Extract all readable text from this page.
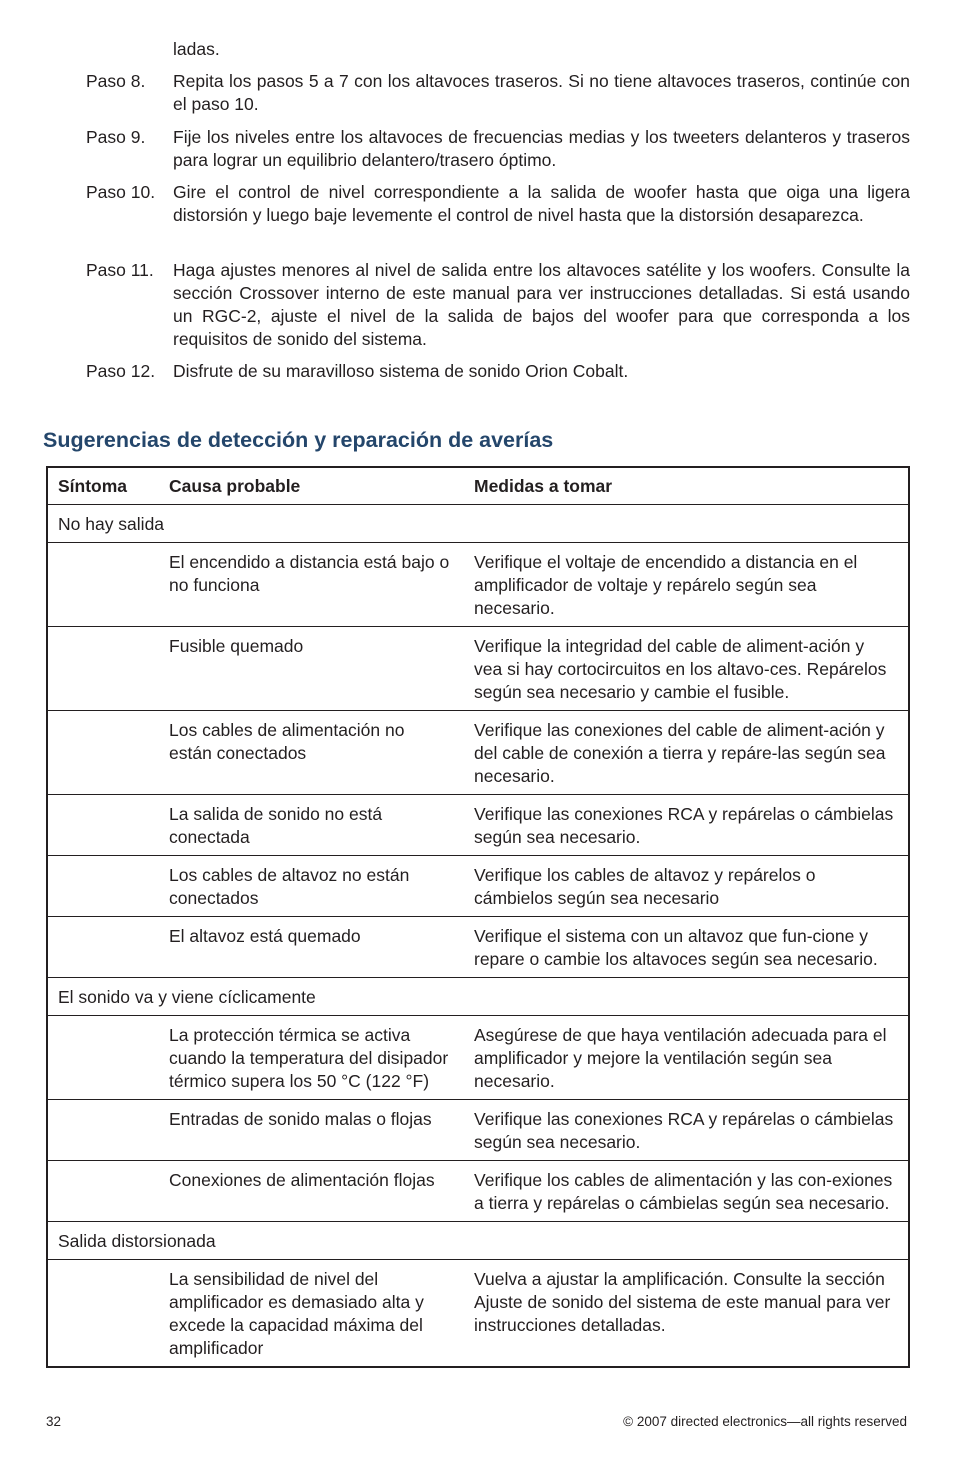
ladas.
Paso 8. Repita los pasos 5 a 7 con los altavoces traseros. Si no tiene altavoces traseros, continúe con el paso 10.
Paso 9. Fije los niveles entre los altavoces de frecuencias medias y los tweeters delanteros y traseros para lograr un equilibrio delantero/trasero óptimo.
Paso 10. Gire el control de nivel correspondiente a la salida de woofer hasta que oiga una ligera distorsión y luego baje levemente el control de nivel hasta que la distorsión desaparezca.
Paso 11. Haga ajustes menores al nivel de salida entre los altavoces satélite y los woofers. Consulte la sección Crossover interno de este manual para ver instrucciones detalladas. Si está usando un RGC-2, ajuste el nivel de la salida de bajos del woofer para que corresponda a los requisitos de sonido del sistema.
Paso 12. Disfrute de su maravilloso sistema de sonido Orion Cobalt.
Sugerencias de detección y reparación de averías
Síntoma	Causa probable	Medidas a tomar
No hay salida		
	El encendido a distancia está bajo o no funciona	Verifique el voltaje de encendido a distancia en el amplificador de voltaje y repárelo según sea necesario.
	Fusible quemado	Verifique la integridad del cable de aliment-ación y vea si hay cortocircuitos en los altavo-ces. Repárelos según sea necesario y cambie el fusible.
	Los cables de alimentación no están conectados	Verifique las conexiones del cable de aliment-ación y del cable de conexión a tierra y repáre-las según sea necesario.
	La salida de sonido no está conectada	Verifique las conexiones RCA y repárelas o cámbielas según sea necesario.
	Los cables de altavoz no están conectados	Verifique los cables de altavoz y repárelos o cámbielos según sea necesario
	El altavoz está quemado	Verifique el sistema con un altavoz que fun-cione y repare o cambie los altavoces según sea necesario.
El sonido va y viene cíclicamente		
	La protección térmica se activa cuando la temperatura del disipador térmico supera los 50 °C (122 °F)	Asegúrese de que haya ventilación adecuada para el amplificador y mejore la ventilación según sea necesario.
	Entradas de sonido malas o flojas	Verifique las conexiones RCA y repárelas o cámbielas según sea necesario.
	Conexiones de alimentación flojas	Verifique los cables de alimentación y las con-exiones a tierra y repárelas o cámbielas según sea necesario.
Salida distorsionada		
	La sensibilidad de nivel del amplificador es demasiado alta y excede la capacidad máxima del amplificador	Vuelva a ajustar la amplificación. Consulte la sección Ajuste de sonido del sistema de este manual para ver instrucciones detalladas.
32	© 2007 directed electronics—all rights reserved
